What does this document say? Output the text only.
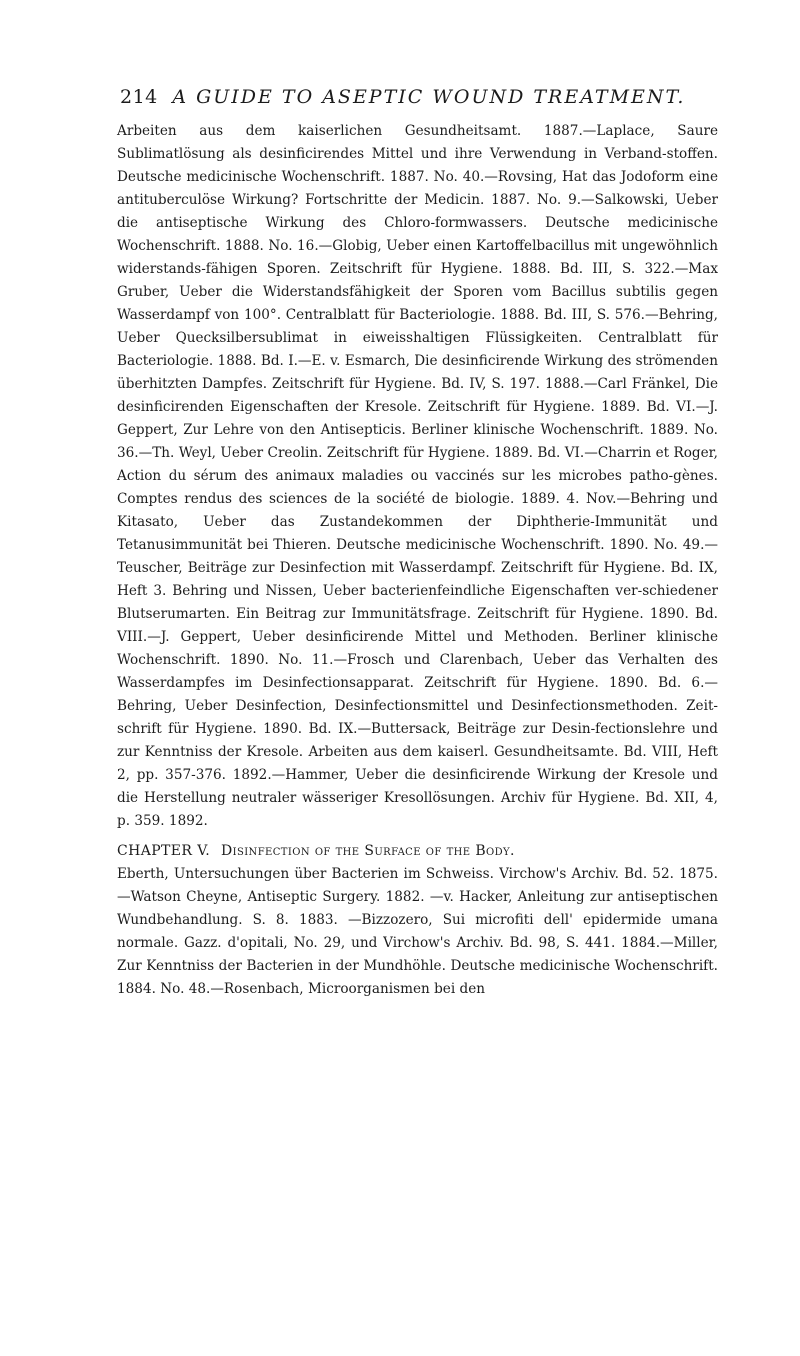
214 A GUIDE TO ASEPTIC WOUND TREATMENT.

Arbeiten aus dem kaiserlichen Gesundheitsamt. 1887.—Laplace, Saure Sublimatlösung als desinficirendes Mittel und ihre Verwendung in Verband-stoffen. Deutsche medicinische Wochenschrift. 1887. No. 40.—Rovsing, Hat das Jodoform eine antituberculöse Wirkung? Fortschritte der Medicin. 1887. No. 9.—Salkowski, Ueber die antiseptische Wirkung des Chloro-formwassers. Deutsche medicinische Wochenschrift. 1888. No. 16.—Globig, Ueber einen Kartoffelbacillus mit ungewöhnlich widerstands-fähigen Sporen. Zeitschrift für Hygiene. 1888. Bd. III, S. 322.—Max Gruber, Ueber die Widerstandsfähigkeit der Sporen vom Bacillus subtilis gegen Wasserdampf von 100°. Centralblatt für Bacteriologie. 1888. Bd. III, S. 576.—Behring, Ueber Quecksilbersublimat in eiweisshaltigen Flüssigkeiten. Centralblatt für Bacteriologie. 1888. Bd. I.—E. v. Esmarch, Die desinficirende Wirkung des strömenden überhitzten Dampfes. Zeitschrift für Hygiene. Bd. IV, S. 197. 1888.—Carl Fränkel, Die desinficirenden Eigenschaften der Kresole. Zeitschrift für Hygiene. 1889. Bd. VI.—J. Geppert, Zur Lehre von den Antisepticis. Berliner klinische Wochenschrift. 1889. No. 36.—Th. Weyl, Ueber Creolin. Zeitschrift für Hygiene. 1889. Bd. VI.—Charrin et Roger, Action du sérum des animaux maladies ou vaccinés sur les microbes patho-gènes. Comptes rendus des sciences de la société de biologie. 1889. 4. Nov.—Behring und Kitasato, Ueber das Zustandekommen der Diphtherie-Immunität und Tetanusimmunität bei Thieren. Deutsche medicinische Wochenschrift. 1890. No. 49.—Teuscher, Beiträge zur Desinfection mit Wasserdampf. Zeitschrift für Hygiene. Bd. IX, Heft 3. Behring und Nissen, Ueber bacterienfeindliche Eigenschaften ver-schiedener Blutserumarten. Ein Beitrag zur Immunitätsfrage. Zeitschrift für Hygiene. 1890. Bd. VIII.—J. Geppert, Ueber desinficirende Mittel und Methoden. Berliner klinische Wochenschrift. 1890. No. 11.—Frosch und Clarenbach, Ueber das Verhalten des Wasserdampfes im Desinfectionsapparat. Zeitschrift für Hygiene. 1890. Bd. 6.—Behring, Ueber Desinfection, Desinfectionsmittel und Desinfectionsmethoden. Zeit-schrift für Hygiene. 1890. Bd. IX.—Buttersack, Beiträge zur Desin-fectionslehre und zur Kenntniss der Kresole. Arbeiten aus dem kaiserl. Gesundheitsamte. Bd. VIII, Heft 2, pp. 357-376. 1892.—Hammer, Ueber die desinficirende Wirkung der Kresole und die Herstellung neutraler wässeriger Kresollösungen. Archiv für Hygiene. Bd. XII, 4, p. 359. 1892.

CHAPTER V. Disinfection of the Surface of the Body.

Eberth, Untersuchungen über Bacterien im Schweiss. Virchow's Archiv. Bd. 52. 1875.—Watson Cheyne, Antiseptic Surgery. 1882. —v. Hacker, Anleitung zur antiseptischen Wundbehandlung. S. 8. 1883. —Bizzozero, Sui microfiti dell' epidermide umana normale. Gazz. d'opitali, No. 29, und Virchow's Archiv. Bd. 98, S. 441. 1884.—Miller, Zur Kenntniss der Bacterien in der Mundhöhle. Deutsche medicinische Wochenschrift. 1884. No. 48.—Rosenbach, Microorganismen bei den
